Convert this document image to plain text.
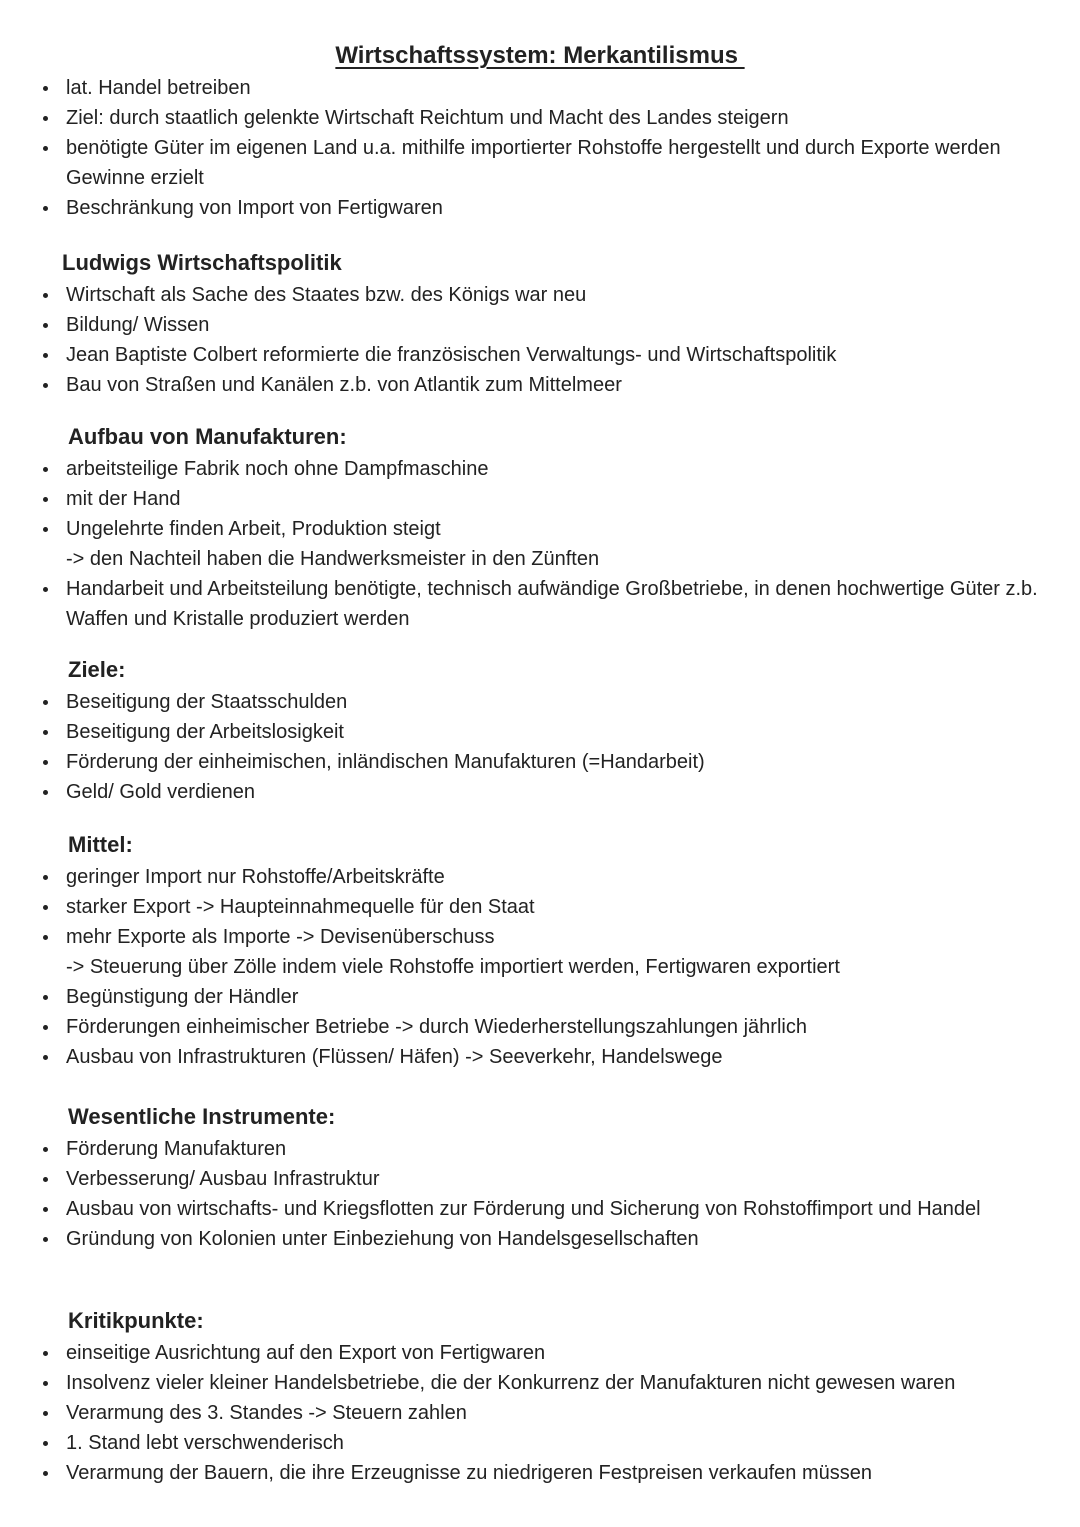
Wirtschaftssystem: Merkantilismus
lat. Handel betreiben
Ziel: durch staatlich gelenkte Wirtschaft Reichtum und Macht des Landes steigern
benötigte Güter im eigenen Land u.a. mithilfe importierter Rohstoffe hergestellt und durch Exporte werden Gewinne erzielt
Beschränkung von Import von Fertigwaren
Ludwigs Wirtschaftspolitik
Wirtschaft als Sache des Staates bzw. des Königs war neu
Bildung/ Wissen
Jean Baptiste Colbert reformierte die französischen Verwaltungs- und Wirtschaftspolitik
Bau von Straßen und Kanälen z.b. von Atlantik zum Mittelmeer
Aufbau von Manufakturen:
arbeitsteilige Fabrik noch ohne Dampfmaschine
mit der Hand
Ungelehrte finden Arbeit, Produktion steigt
-> den Nachteil haben die Handwerksmeister in den Zünften
Handarbeit und Arbeitsteilung benötigte, technisch aufwändige Großbetriebe, in denen hochwertige Güter z.b. Waffen und Kristalle produziert werden
Ziele:
Beseitigung der Staatsschulden
Beseitigung der Arbeitslosigkeit
Förderung der einheimischen, inländischen Manufakturen (=Handarbeit)
Geld/ Gold verdienen
Mittel:
geringer Import nur Rohstoffe/Arbeitskräfte
starker Export -> Haupteinnahmequelle für den Staat
mehr Exporte als Importe -> Devisenüberschuss
-> Steuerung über Zölle indem viele Rohstoffe importiert werden, Fertigwaren exportiert
Begünstigung der Händler
Förderungen einheimischer Betriebe -> durch Wiederherstellungszahlungen jährlich
Ausbau von Infrastrukturen (Flüssen/ Häfen) -> Seeverkehr, Handelswege
Wesentliche Instrumente:
Förderung Manufakturen
Verbesserung/ Ausbau Infrastruktur
Ausbau von wirtschafts- und Kriegsflotten zur Förderung und Sicherung von Rohstoffimport und Handel
Gründung von Kolonien unter Einbeziehung von Handelsgesellschaften
Kritikpunkte:
einseitige Ausrichtung auf den Export von Fertigwaren
Insolvenz vieler kleiner Handelsbetriebe, die der Konkurrenz der Manufakturen nicht gewesen waren
Verarmung des 3. Standes -> Steuern zahlen
1. Stand lebt verschwenderisch
Verarmung der Bauern, die ihre Erzeugnisse zu niedrigeren Festpreisen verkaufen müssen
